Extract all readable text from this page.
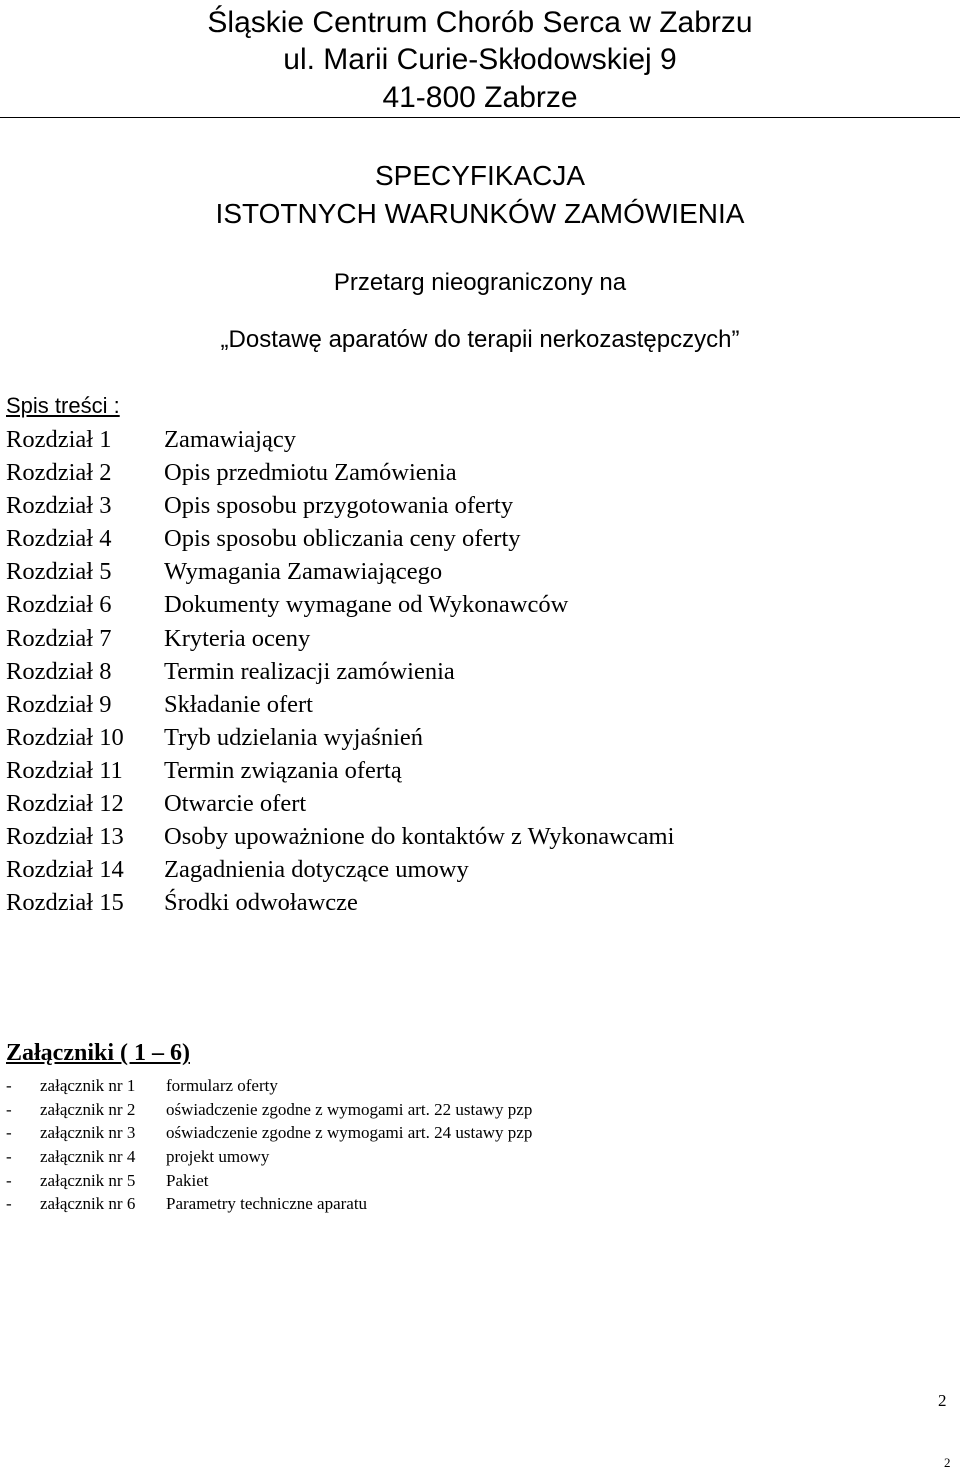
Śląskie Centrum Chorób Serca w Zabrzu
ul. Marii Curie-Skłodowskiej 9
41-800 Zabrze
SPECYFIKACJA
ISTOTNYCH WARUNKÓW ZAMÓWIENIA
Przetarg nieograniczony na
„Dostawę aparatów do terapii nerkozastępczych”
Spis treści :
Rozdział 1	Zamawiający
Rozdział 2	Opis przedmiotu Zamówienia
Rozdział 3	Opis sposobu przygotowania oferty
Rozdział 4	Opis sposobu obliczania ceny oferty
Rozdział 5	Wymagania Zamawiającego
Rozdział 6	Dokumenty wymagane od Wykonawców
Rozdział 7	Kryteria oceny
Rozdział 8	Termin realizacji zamówienia
Rozdział 9	Składanie ofert
Rozdział 10	Tryb udzielania wyjaśnień
Rozdział 11	Termin związania ofertą
Rozdział 12	Otwarcie ofert
Rozdział 13	Osoby upoważnione do kontaktów z Wykonawcami
Rozdział 14	Zagadnienia dotyczące umowy
Rozdział 15	Środki odwoławcze
Załączniki ( 1 – 6)
-	załącznik nr 1	formularz oferty
-	załącznik nr 2	oświadczenie zgodne z wymogami art. 22 ustawy pzp
-	załącznik nr 3	oświadczenie zgodne z wymogami art. 24 ustawy pzp
-	załącznik nr 4	projekt umowy
-	załącznik nr 5	Pakiet
-	załącznik nr 6	Parametry techniczne aparatu
2
2
